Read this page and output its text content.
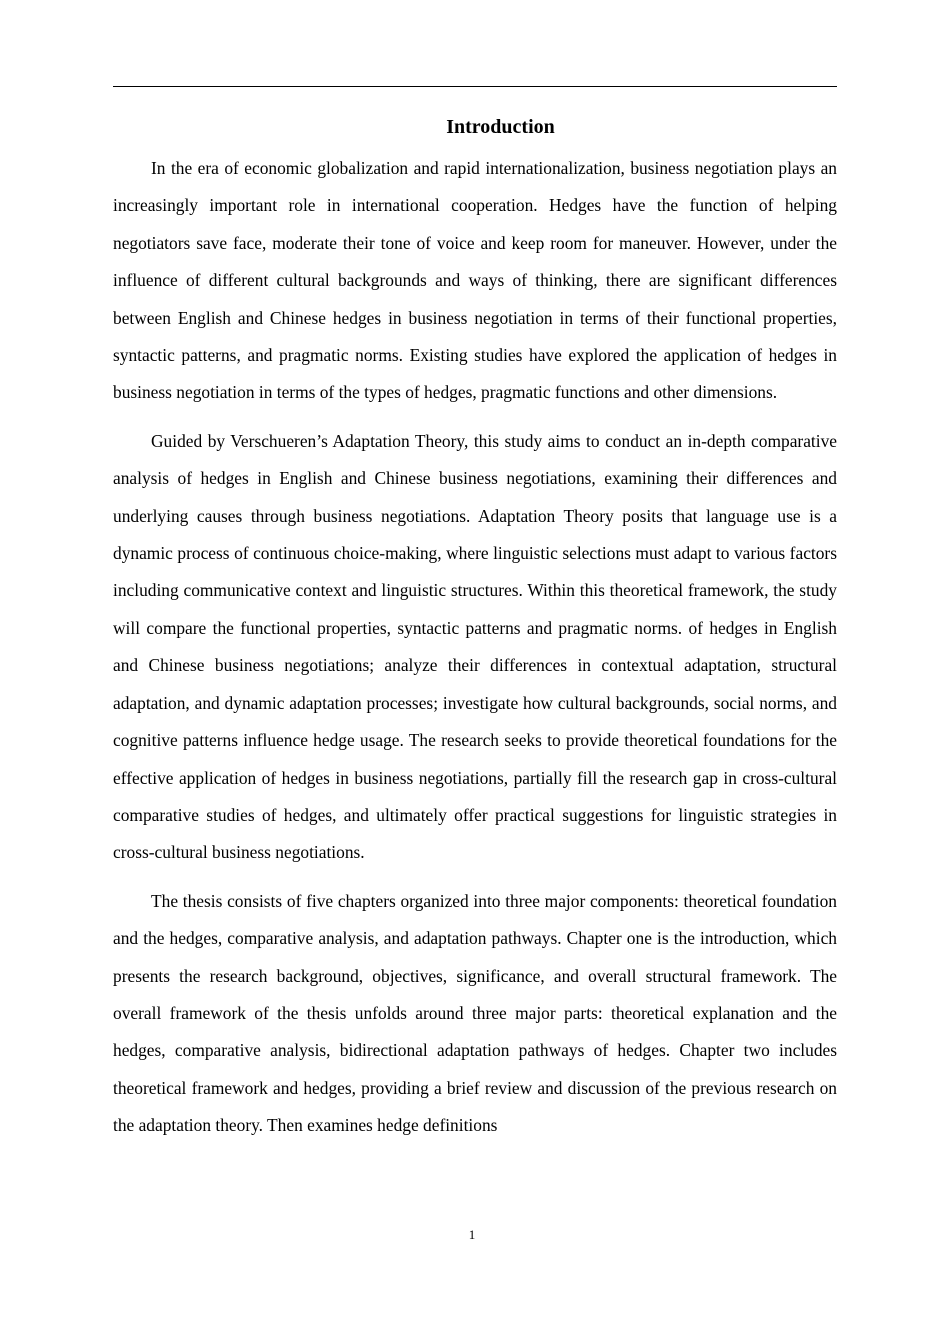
Introduction

In the era of economic globalization and rapid internationalization, business negotiation plays an increasingly important role in international cooperation. Hedges have the function of helping negotiators save face, moderate their tone of voice and keep room for maneuver. However, under the influence of different cultural backgrounds and ways of thinking, there are significant differences between English and Chinese hedges in business negotiation in terms of their functional properties, syntactic patterns, and pragmatic norms. Existing studies have explored the application of hedges in business negotiation in terms of the types of hedges, pragmatic functions and other dimensions.

Guided by Verschueren’s Adaptation Theory, this study aims to conduct an in-depth comparative analysis of hedges in English and Chinese business negotiations, examining their differences and underlying causes through business negotiations. Adaptation Theory posits that language use is a dynamic process of continuous choice-making, where linguistic selections must adapt to various factors including communicative context and linguistic structures. Within this theoretical framework, the study will compare the functional properties, syntactic patterns and pragmatic norms. of hedges in English and Chinese business negotiations; analyze their differences in contextual adaptation, structural adaptation, and dynamic adaptation processes; investigate how cultural backgrounds, social norms, and cognitive patterns influence hedge usage. The research seeks to provide theoretical foundations for the effective application of hedges in business negotiations, partially fill the research gap in cross-cultural comparative studies of hedges, and ultimately offer practical suggestions for linguistic strategies in cross-cultural business negotiations.

The thesis consists of five chapters organized into three major components: theoretical foundation and the hedges, comparative analysis, and adaptation pathways. Chapter one is the introduction, which presents the research background, objectives, significance, and overall structural framework. The overall framework of the thesis unfolds around three major parts: theoretical explanation and the hedges, comparative analysis, bidirectional adaptation pathways of hedges. Chapter two includes theoretical framework and hedges, providing a brief review and discussion of the previous research on the adaptation theory. Then examines hedge definitions

1
